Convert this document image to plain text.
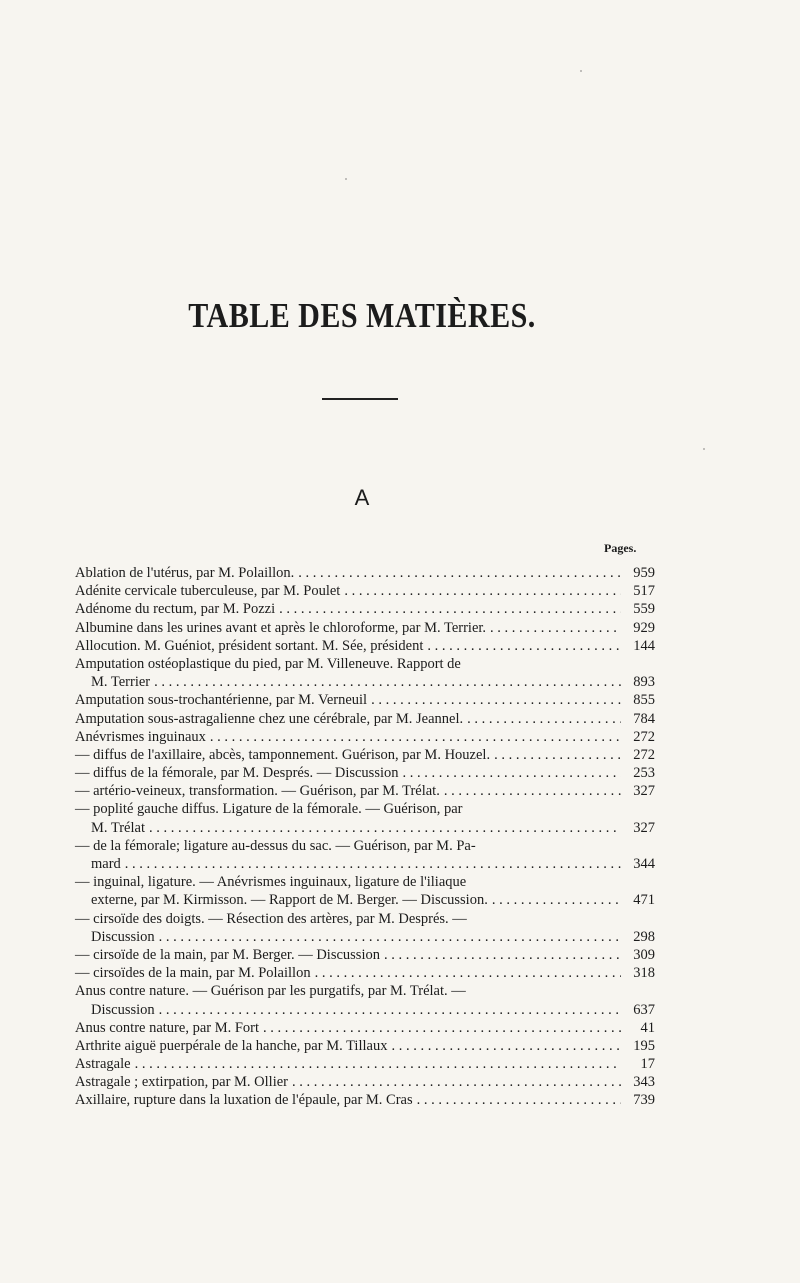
TABLE DES MATIÈRES.
A
Pages.
Ablation de l'utérus, par M. Polaillon. . . .	959
Adénite cervicale tuberculeuse, par M. Poulet . . .	517
Adénome du rectum, par M. Pozzi . . .	559
Albumine dans les urines avant et après le chloroforme, par M. Terrier. . . .	929
Allocution. M. Guéniot, président sortant. M. Sée, président . . .	144
Amputation ostéoplastique du pied, par M. Villeneuve. Rapport de
M. Terrier . . .	893
Amputation sous-trochantérienne, par M. Verneuil . . .	855
Amputation sous-astragalienne chez une cérébrale, par M. Jeannel. . . .	784
Anévrismes inguinaux . . .	272
— diffus de l'axillaire, abcès, tamponnement. Guérison, par M. Houzel. . . .	272
— diffus de la fémorale, par M. Després. — Discussion . . .	253
— artério-veineux, transformation. — Guérison, par M. Trélat. . . .	327
— poplité gauche diffus. Ligature de la fémorale. — Guérison, par
M. Trélat . . .	327
— de la fémorale; ligature au-dessus du sac. — Guérison, par M. Pa-
mard . . .	344
— inguinal, ligature. — Anévrismes inguinaux, ligature de l'iliaque
externe, par M. Kirmisson. — Rapport de M. Berger. — Discussion. . . .	471
— cirsoïde des doigts. — Résection des artères, par M. Després. —
Discussion . . .	298
— cirsoïde de la main, par M. Berger. — Discussion . . .	309
— cirsoïdes de la main, par M. Polaillon . . .	318
Anus contre nature. — Guérison par les purgatifs, par M. Trélat. —
Discussion . . .	637
Anus contre nature, par M. Fort . . .	41
Arthrite aiguë puerpérale de la hanche, par M. Tillaux . . .	195
Astragale . . .	17
Astragale ; extirpation, par M. Ollier . . .	343
Axillaire, rupture dans la luxation de l'épaule, par M. Cras . . .	739
